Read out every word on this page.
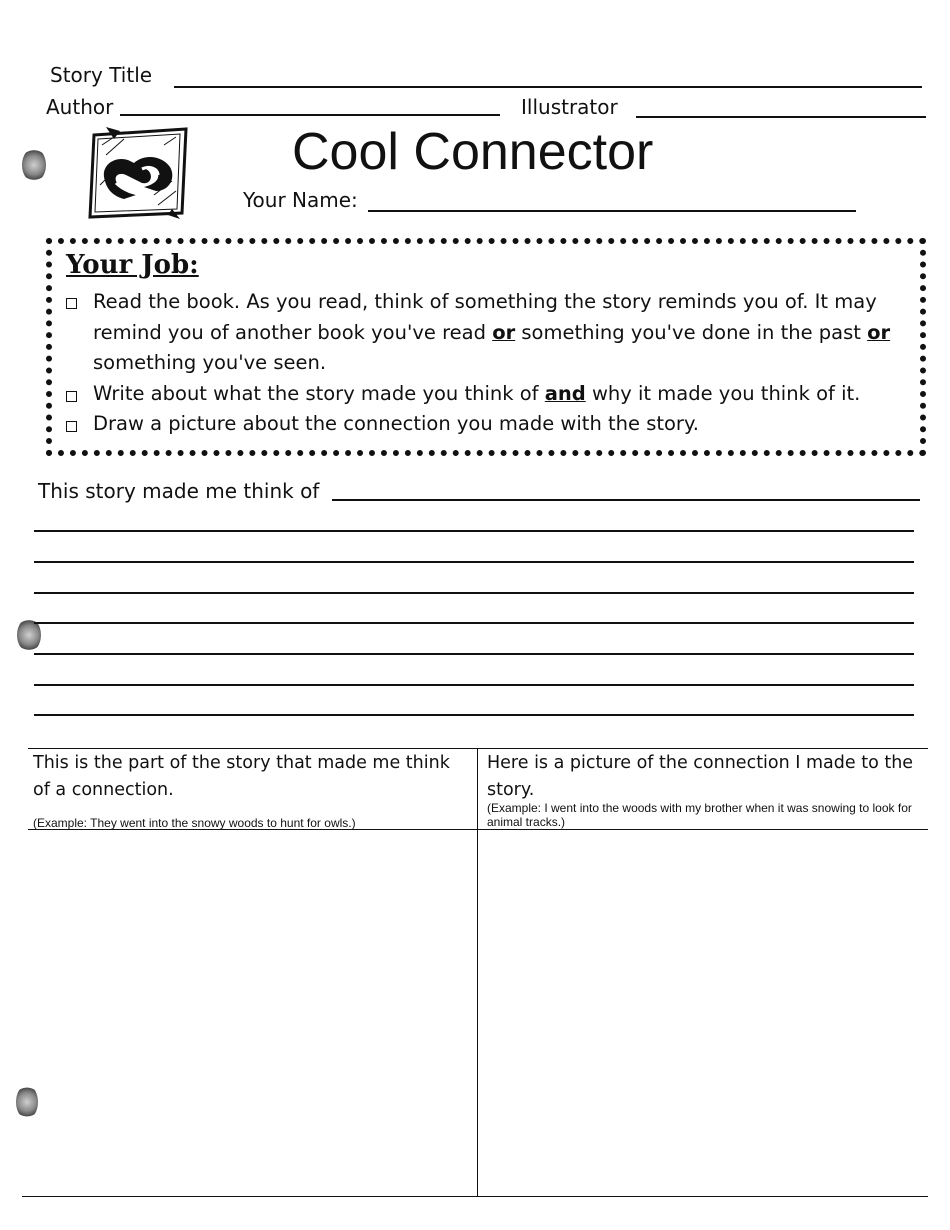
Story Title
Author	Illustrator
Cool Connector
Your Name:
Your Job:
Read the book. As you read, think of something the story reminds you of. It may remind you of another book you've read or something you've done in the past or something you've seen.
Write about what the story made you think of and why it made you think of it.
Draw a picture about the connection you made with the story.
This story made me think of
This is the part of the story that made me think of a connection.
(Example: They went into the snowy woods to hunt for owls.)
Here is a picture of the connection I made to the story.
(Example: I went into the woods with my brother when it was snowing to look for animal tracks.)
